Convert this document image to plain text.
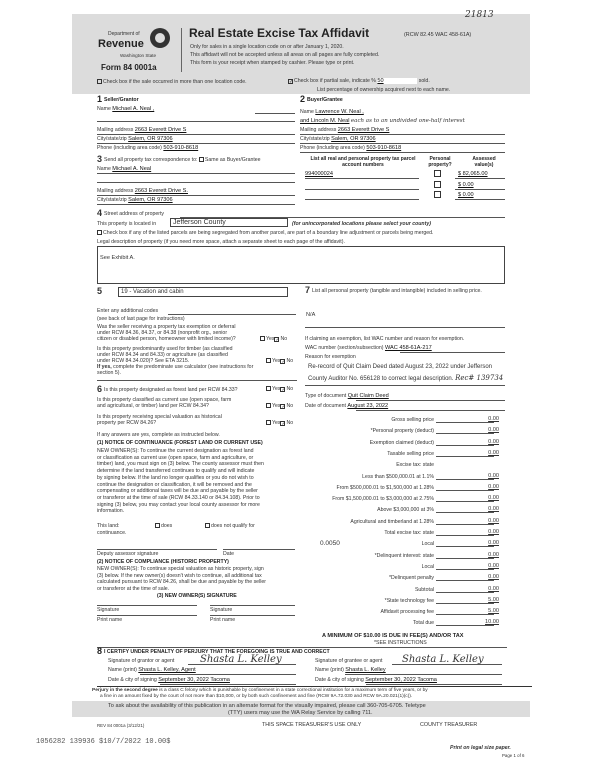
Department of
Revenue
Washington State
Form 84 0001a
Real Estate Excise Tax Affidavit	(RCW 82.45 WAC 458-61A)
21813
Only for sales in a single location code on or after January 1, 2020.
This affidavit will not be accepted unless all areas on all pages are fully completed.
This form is your receipt when stamped by cashier. Please type or print.
Check box if the sale occurred in more than one location code.	✓Check box if partial sale, indicate % 50	sold.
List percentage of ownership acquired next to each name.
1 Seller/Grantor
Name Michael A. Neal ,
Mailing address 2663 Everett Drive S
City/state/zip Salem, OR 97306
Phone (including area code) 503-910-8618
2 Buyer/Grantee
Name Lawrence W. Neal ,
and Lincoln M. Neal each as to an undivided one-half interest
Mailing address 2663 Everett Drive S
City/state/zip Salem, OR 97306
Phone (including area code) 503-910-8618
3 Send all property tax correspondence to: Same as Buyer/Grantee
Name Michael A. Neal
Mailing address 2663 Everett Drive S.
City/state/zip Salem, OR 97306
List all real and personal property tax parcel account numbers
Personal property?
Assessed value(s)
994000024	$ 82,065.00
$ 0.00
$ 0.00
4 Street address of property
This property is located in	Jefferson County	(for unincorporated locations please select your county)
Check box if any of the listed parcels are being segregated from another parcel, are part of a boundary line adjustment or parcels being merged.
Legal description of property (if you need more space, attach a separate sheet to each page of the affidavit).
See Exhibit A.
5	19 - Vacation and cabin
Enter any additional codes
(see back of last page for instructions)
Was the seller receiving a property tax exemption or deferral
under RCW 84.36, 84.37, or 84.38 (nonprofit org., senior
citizen or disabled person, homeowner with limited income)?	Yes✓No
Is this property predominantly used for timber (as classified
under RCW 84.34 and 84.33) or agriculture (as classified
under RCW 84.34.020)? See ETA 3215.	Yes✓No
If yes, complete the predominate use calculator (see instructions for
section 5).
6 Is this property designated as forest land per RCW 84.33?	Yes✓No
Is this property classified as current use (open space, farm
and agricultural, or timber) land per RCW 84.34?	Yes✓No
Is this property receiving special valuation as historical
property per RCW 84.26?	Yes✓No
If any answers are yes, complete as instructed below.
(1) NOTICE OF CONTINUANCE (FOREST LAND OR CURRENT USE)
NEW OWNER(S): To continue the current designation as forest land
or classification as current use (open space, farm and agriculture, or
timber) land, you must sign on (3) below. The county assessor must then
determine if the land transferred continues to qualify and will indicate
by signing below. If the land no longer qualifies or you do not wish to
continue the designation or classification, it will be removed and the
compensating or additional taxes will be due and payable by the seller
or transferor at the time of sale (RCW 84.33.140 or 84.34.108). Prior to
signing (3) below, you may contact your local county assessor for more
information.
This land:	does	does not qualify for
continuance.
Deputy assessor signature	Date
(2) NOTICE OF COMPLIANCE (HISTORIC PROPERTY)
NEW OWNER(S): To continue special valuation as historic property, sign
(3) below. If the new owner(s) doesn't wish to continue, all additional tax
calculated pursuant to RCW 84.26, shall be due and payable by the seller
or transferor at the time of sale.
(3) NEW OWNER(S) SIGNATURE
Signature	Signature
Print name	Print name
7 List all personal property (tangible and intangible) included in selling price.
N/A
If claiming an exemption, list WAC number and reason for exemption.
WAC number (section/subsection) WAC 458-61A-217
Reason for exemption
Re-record of Quit Claim Deed dated August 23, 2022 under Jefferson
County Auditor No. 656128 to correct legal description. Rec# 139734
Type of document Quit Claim Deed
Date of document August 23, 2022
Gross selling price	0.00
*Personal property (deduct)	0.00
Exemption claimed (deduct)	0.00
Taxable selling price	0.00
Excise tax: state
Less than $500,000.01 at 1.1%	0.00
From $500,000.01 to $1,500,000 at 1.28%	0.00
From $1,500,000.01 to $3,000,000 at 2.75%	0.00
Above $3,000,000 at 3%	0.00
Agricultural and timberland at 1.28%	0.00
Total excise tax: state	0.00
Local	0.00
0.0050
*Delinquent interest: state	0.00
Local	0.00
*Delinquent penalty	0.00
Subtotal	0.00
*State technology fee	5.00
Affidavit processing fee	5.00
Total due	10.00
A MINIMUM OF $10.00 IS DUE IN FEE(S) AND/OR TAX
*SEE INSTRUCTIONS
8 I CERTIFY UNDER PENALTY OF PERJURY THAT THE FOREGOING IS TRUE AND CORRECT
Signature of grantor or agent	Shasta L. Kelley
Name (print) Shasta L. Kelley, Agent
Date & city of signing September 30, 2022 Tacoma
Signature of grantee or agent Shasta L. Kelley
Name (print) Shasta L. Kelley
Date & city of signing September 30, 2022 Tacoma
Perjury in the second degree is a class C felony which is punishable by confinement in a state correctional institution for a maximum term of five years, or by
a fine in an amount fixed by the court of not more than $10,000, or by both such confinement and fine (RCW 9A.72.030 and RCW 9A.20.021(1)(c)).
To ask about the availability of this publication in an alternate format for the visually impaired, please call 360-705-6705. Teletype
(TTY) users may use the WA Relay Service by calling 711.
REV 84 0001a (3/12/21)	THIS SPACE TREASURER'S USE ONLY	COUNTY TREASURER
1056282 139936 $10/7/2022 10.00$
Print on legal size paper.
Page 1 of 6
